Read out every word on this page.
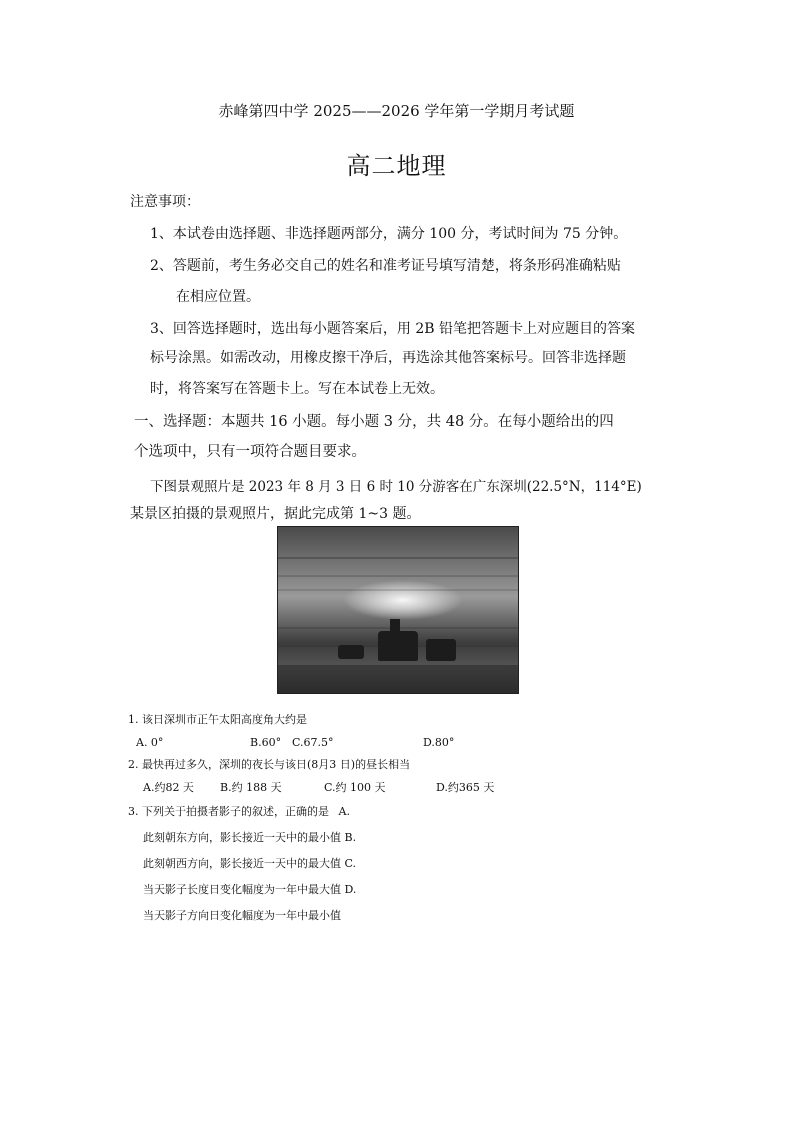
赤峰第四中学 2025——2026 学年第一学期月考试题
高二地理
注意事项：
1、本试卷由选择题、非选择题两部分，满分 100 分，考试时间为 75 分钟。
2、答题前，考生务必交自己的姓名和准考证号填写清楚，将条形码准确粘贴
在相应位置。
3、回答选择题时，选出每小题答案后，用 2B 铅笔把答题卡上对应题目的答案
标号涂黑。如需改动，用橡皮擦干净后，再选涂其他答案标号。回答非选择题
时，将答案写在答题卡上。写在本试卷上无效。
一、选择题：本题共 16 小题。每小题 3 分，共 48 分。在每小题给出的四
个选项中，只有一项符合题目要求。
下图景观照片是 2023 年 8 月 3 日 6 时 10 分游客在广东深圳(22.5°N，114°E)
某景区拍摄的景观照片，据此完成第 1~3 题。
1. 该日深圳市正午太阳高度角大约是
A. 0°	B.60° C.67.5°	D.80°
2. 最快再过多久，深圳的夜长与该日(8月3 日)的昼长相当
A.约82 天 B.约 188 天	C.约 100 天	D.约365 天
3. 下列关于拍摄者影子的叙述，正确的是 A.
此刻朝东方向，影长接近一天中的最小值 B.
此刻朝西方向，影长接近一天中的最大值 C.
当天影子长度日变化幅度为一年中最大值 D.
当天影子方向日变化幅度为一年中最小值
